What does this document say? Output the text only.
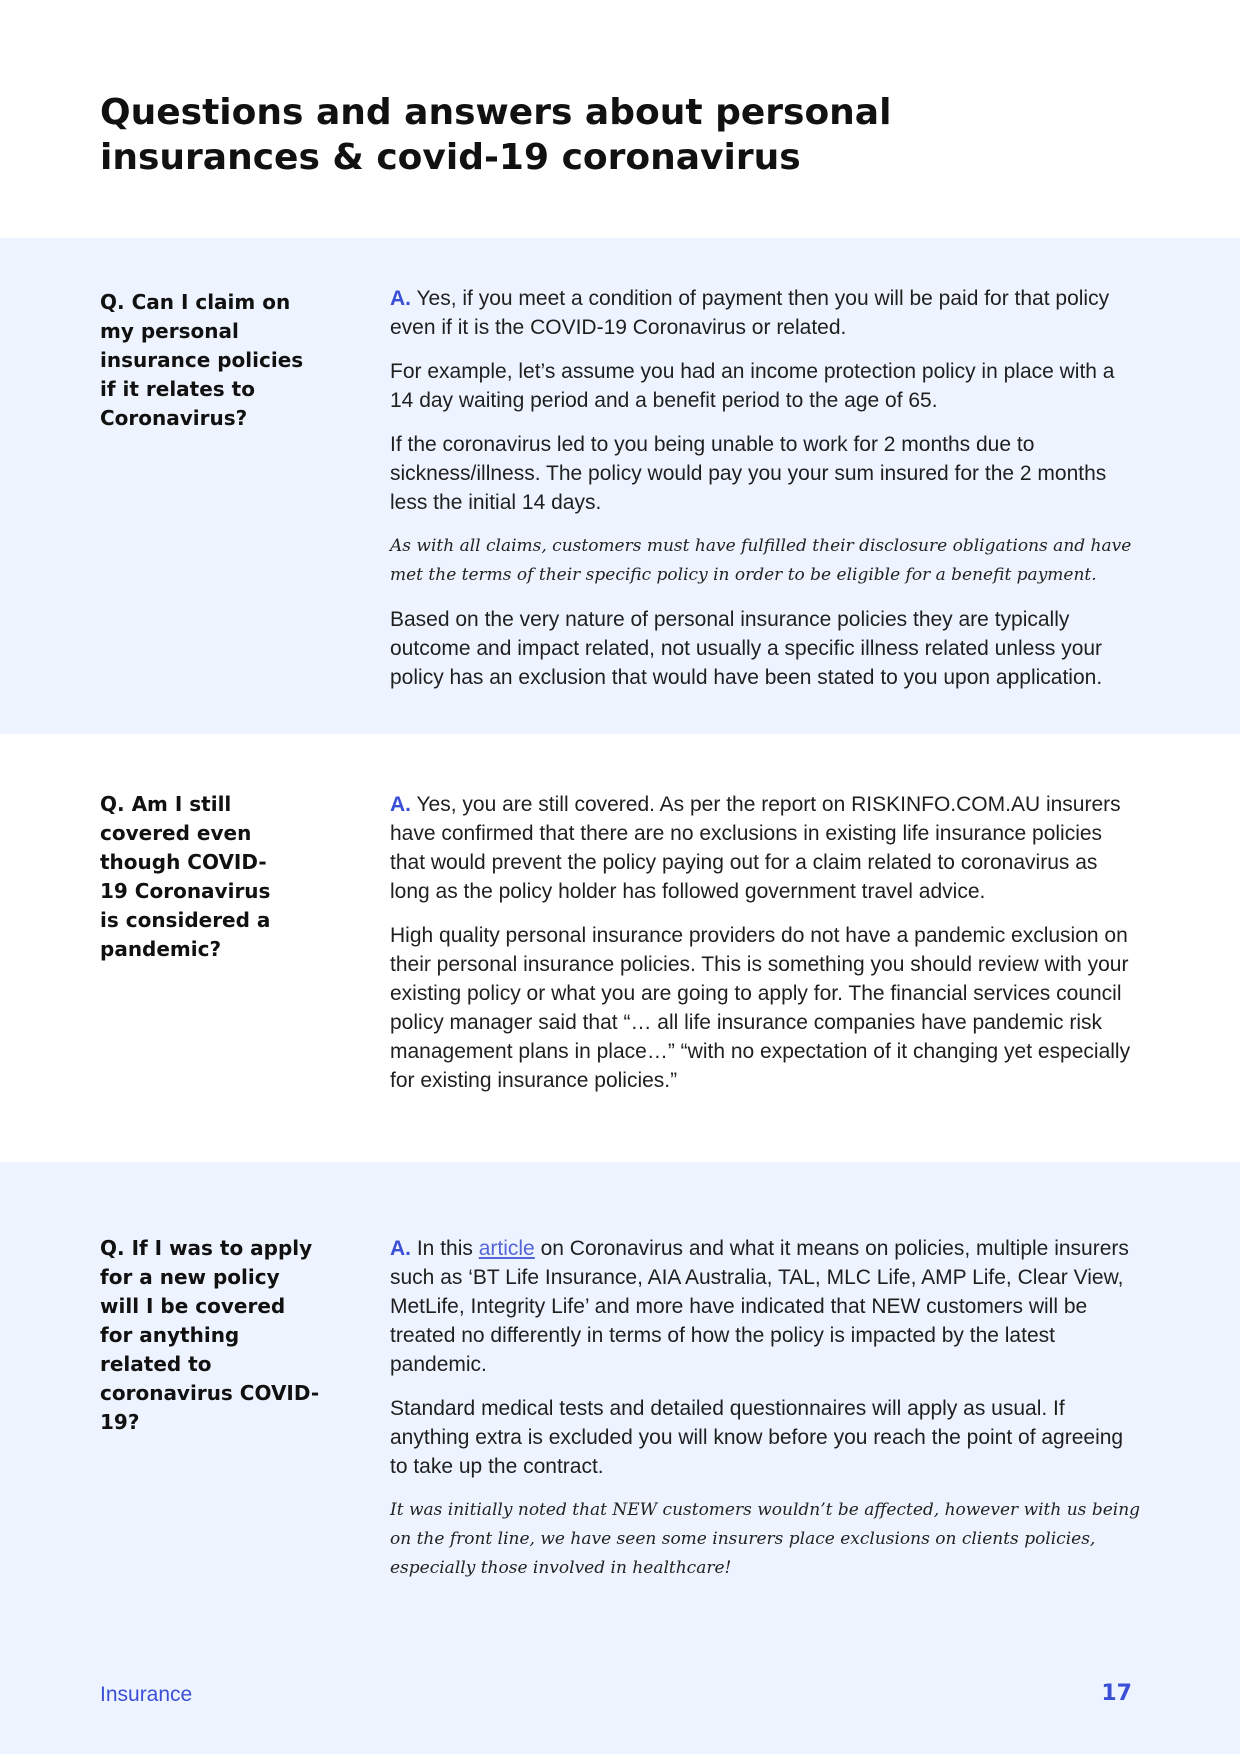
Questions and answers about personal
insurances & covid-19 coronavirus
Q. Can I claim on my personal insurance policies if it relates to Coronavirus?

A. Yes, if you meet a condition of payment then you will be paid for that policy even if it is the COVID-19 Coronavirus or related.

For example, let’s assume you had an income protection policy in place with a 14 day waiting period and a benefit period to the age of 65.

If the coronavirus led to you being unable to work for 2 months due to sickness/illness. The policy would pay you your sum insured for the 2 months less the initial 14 days.

As with all claims, customers must have fulfilled their disclosure obligations and have met the terms of their specific policy in order to be eligible for a benefit payment.

Based on the very nature of personal insurance policies they are typically outcome and impact related, not usually a specific illness related unless your policy has an exclusion that would have been stated to you upon application.

Q. Am I still covered even though COVID-19 Coronavirus is considered a pandemic?

A. Yes, you are still covered. As per the report on RISKINFO.COM.AU insurers have confirmed that there are no exclusions in existing life insurance policies that would prevent the policy paying out for a claim related to coronavirus as long as the policy holder has followed government travel advice.

High quality personal insurance providers do not have a pandemic exclusion on their personal insurance policies. This is something you should review with your existing policy or what you are going to apply for. The financial services council policy manager said that “… all life insurance companies have pandemic risk management plans in place…” “with no expectation of it changing yet especially for existing insurance policies.”

Q. If I was to apply for a new policy will I be covered for anything related to coronavirus COVID-19?

A. In this article on Coronavirus and what it means on policies, multiple insurers such as ‘BT Life Insurance, AIA Australia, TAL, MLC Life, AMP Life, Clear View, MetLife, Integrity Life’ and more have indicated that NEW customers will be treated no differently in terms of how the policy is impacted by the latest pandemic.

Standard medical tests and detailed questionnaires will apply as usual. If anything extra is excluded you will know before you reach the point of agreeing to take up the contract.

It was initially noted that NEW customers wouldn’t be affected, however with us being on the front line, we have seen some insurers place exclusions on clients policies, especially those involved in healthcare!

Insurance	17
